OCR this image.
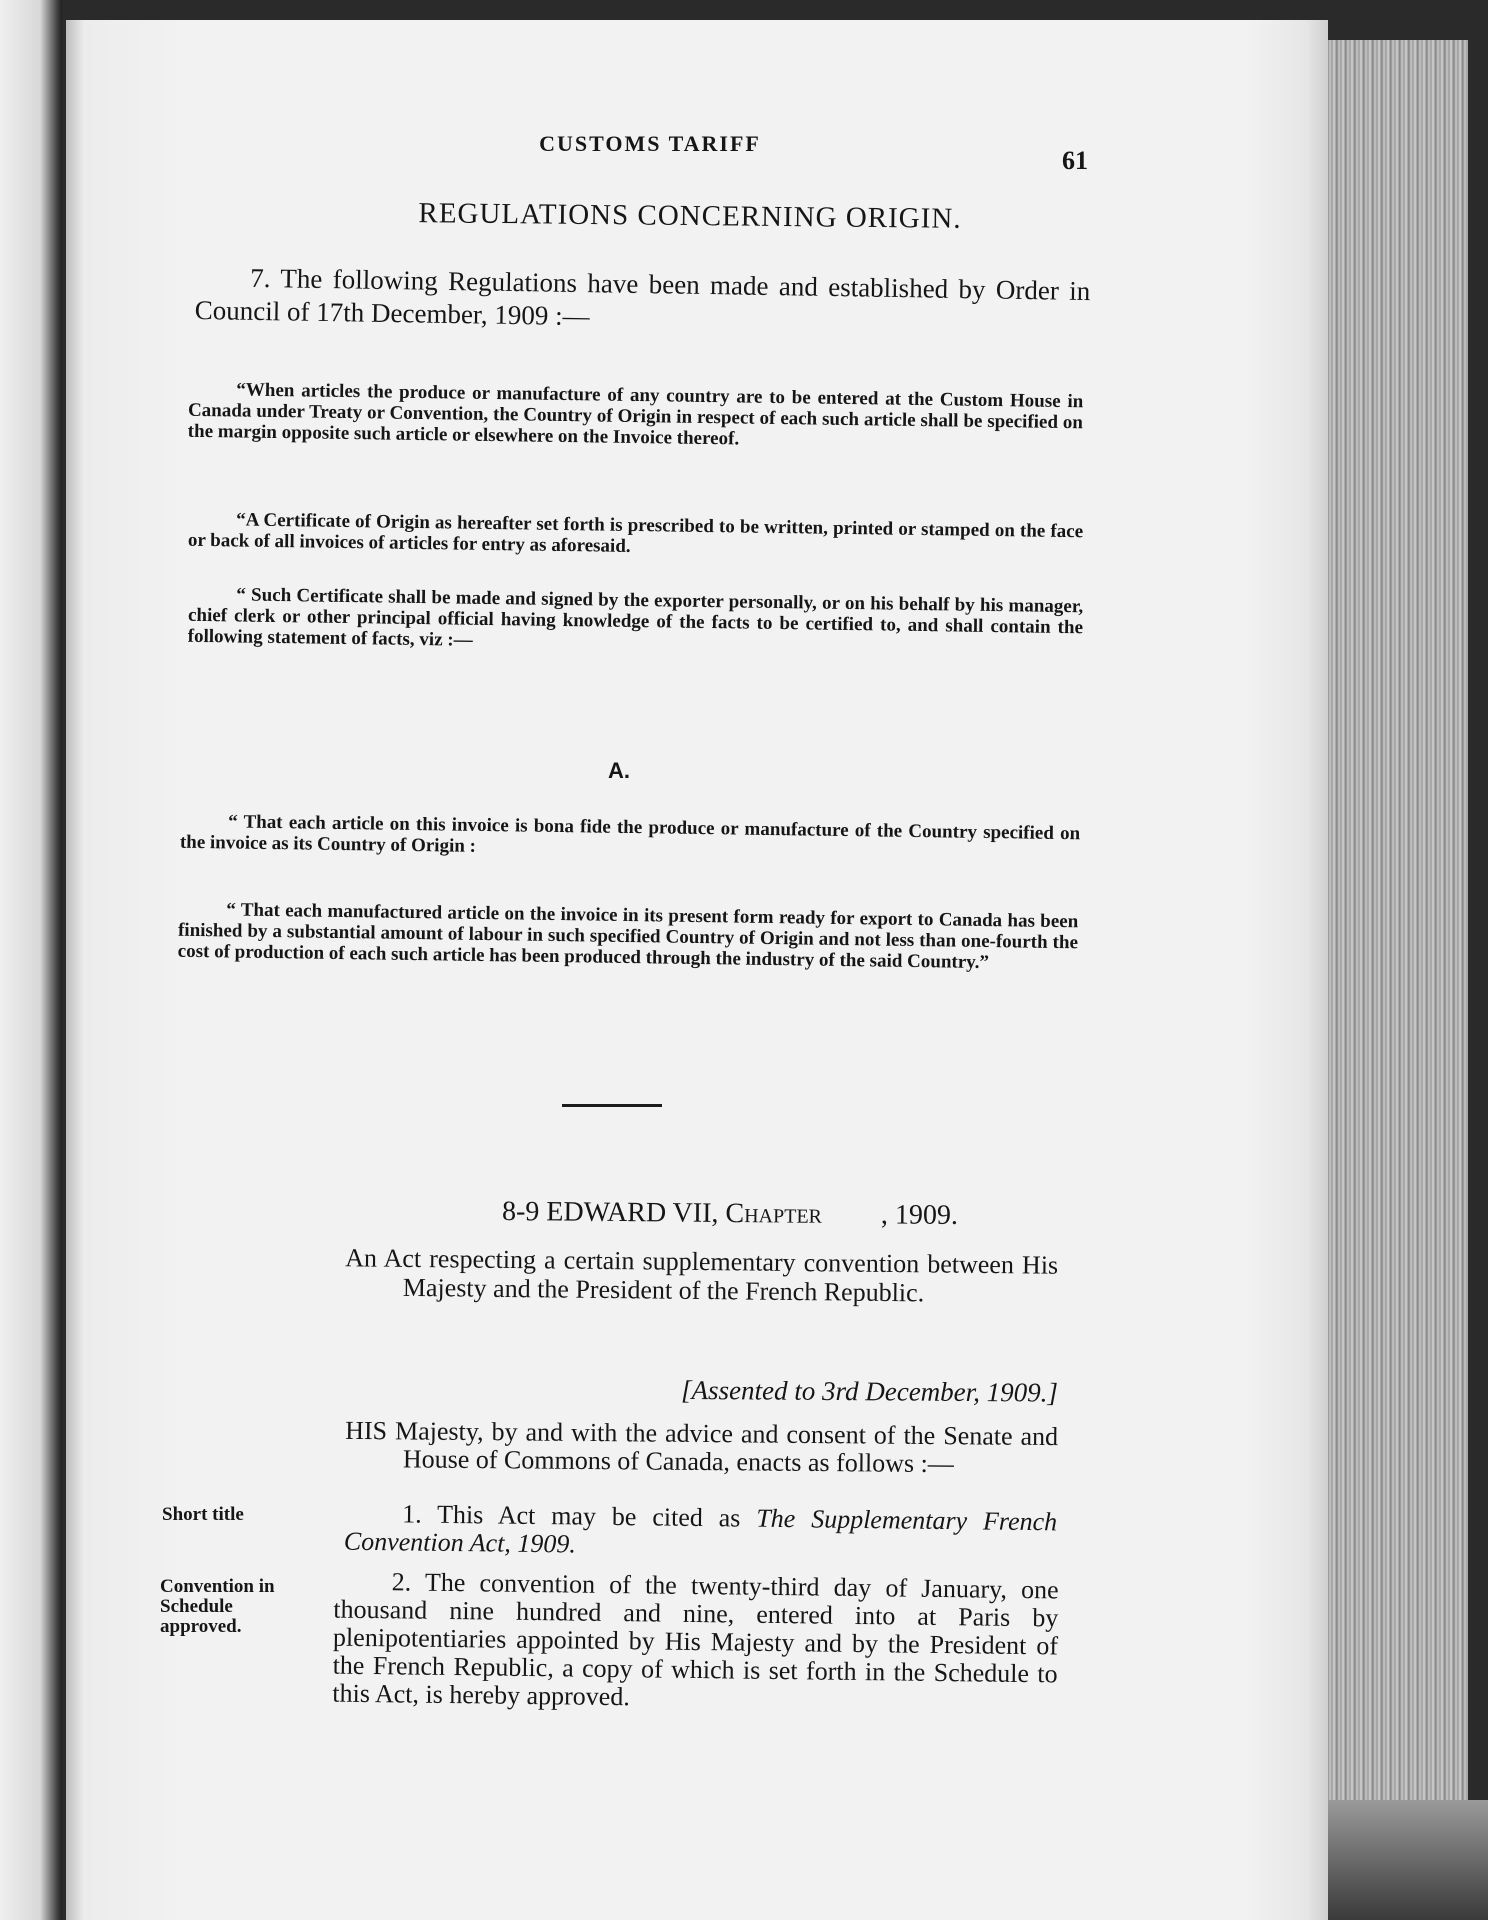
CUSTOMS TARIFF
61
REGULATIONS CONCERNING ORIGIN.

7. The following Regulations have been made and established by Order in Council of 17th December, 1909 :—

“When articles the produce or manufacture of any country are to be entered at the Custom House in Canada under Treaty or Convention, the Country of Origin in respect of each such article shall be specified on the margin opposite such article or elsewhere on the Invoice thereof.

“A Certificate of Origin as hereafter set forth is prescribed to be written, printed or stamped on the face or back of all invoices of articles for entry as aforesaid.

“ Such Certificate shall be made and signed by the exporter personally, or on his behalf by his manager, chief clerk or other principal official having knowledge of the facts to be certified to, and shall contain the following statement of facts, viz :—

A.

“ That each article on this invoice is bona fide the produce or manufacture of the Country specified on the invoice as its Country of Origin :

“ That each manufactured article on the invoice in its present form ready for export to Canada has been finished by a substantial amount of labour in such specified Country of Origin and not less than one-fourth the cost of production of each such article has been produced through the industry of the said Country.”

8-9 EDWARD VII, Chapter , 1909.

An Act respecting a certain supplementary convention between His Majesty and the President of the French Republic.

[Assented to 3rd December, 1909.]

HIS Majesty, by and with the advice and consent of the Senate and House of Commons of Canada, enacts as follows :—

Short title	1. This Act may be cited as The Supplementary French Convention Act, 1909.

Convention in Schedule approved.

2. The convention of the twenty-third day of January, one thousand nine hundred and nine, entered into at Paris by plenipotentiaries appointed by His Majesty and by the President of the French Republic, a copy of which is set forth in the Schedule to this Act, is hereby approved.
